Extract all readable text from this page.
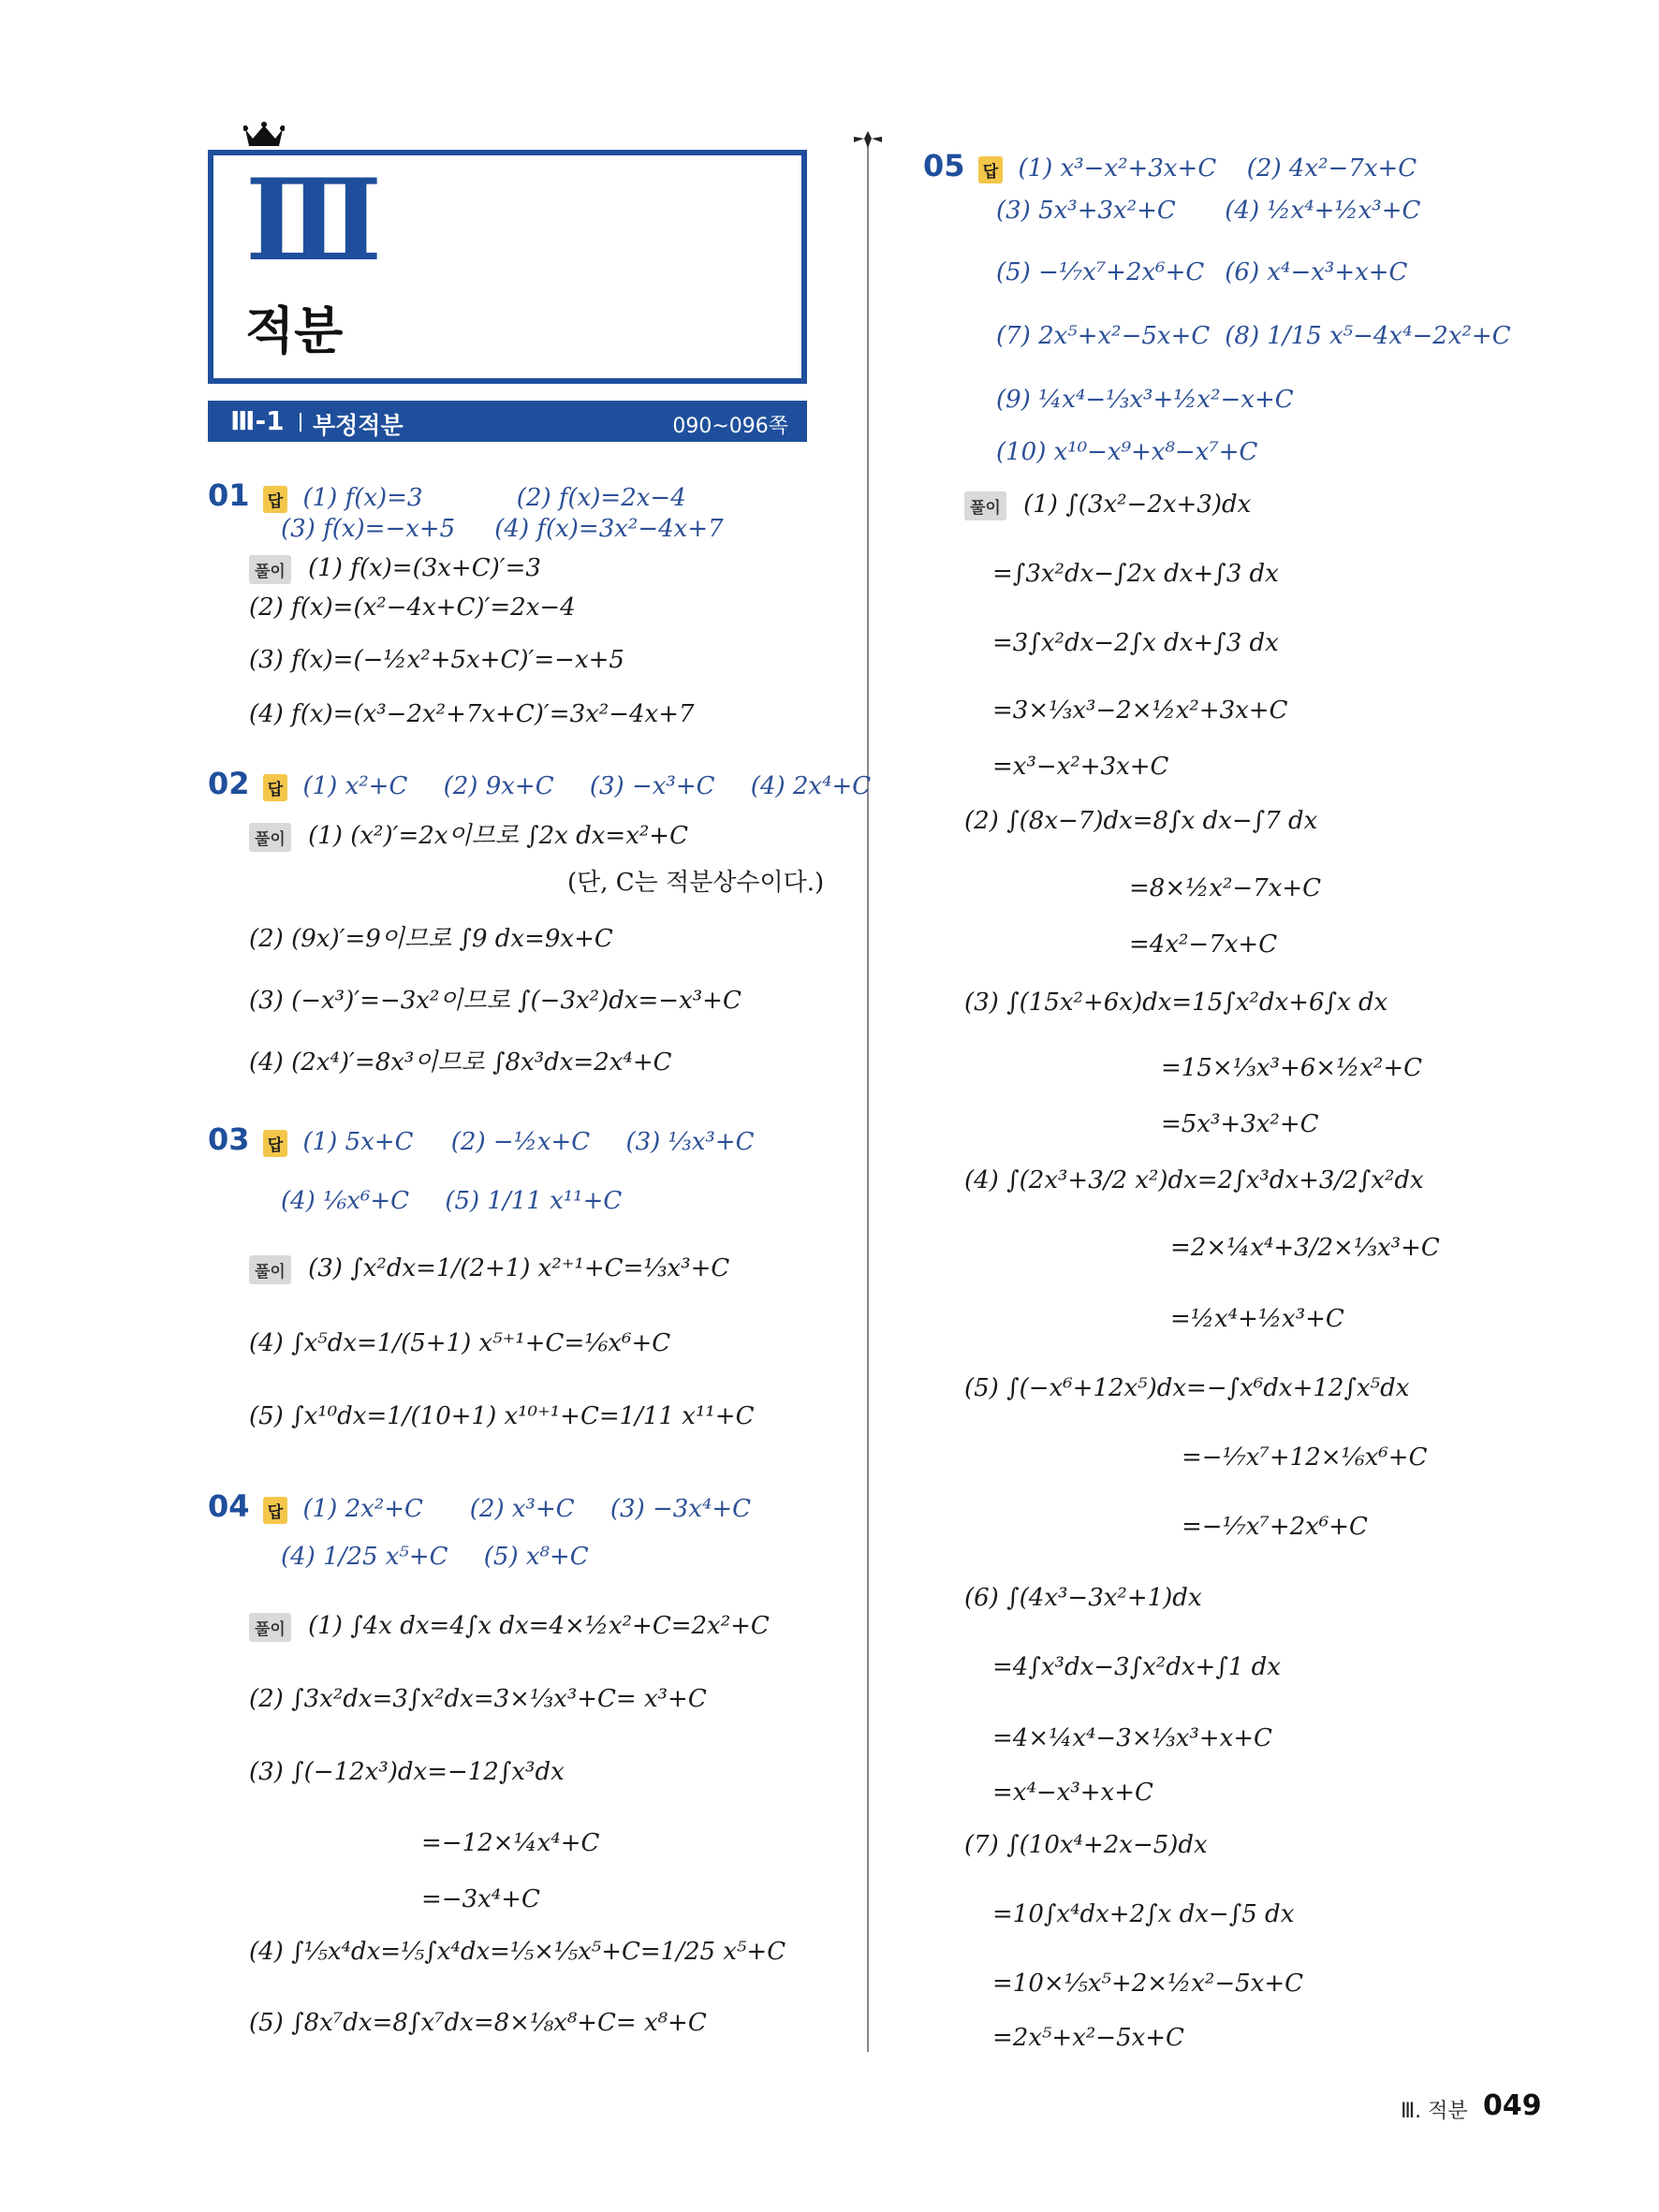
Ⅲ
적분
Ⅲ-1 부정적분	090~096쪽
01 답 (1) f(x)=3	(2) f(x)=2x−4
(3) f(x)=−x+5 (4) f(x)=3x²−4x+7
풀이 (1) f(x)=(3x+C)′=3
(2) f(x)=(x²−4x+C)′=2x−4
(3) f(x)=(−½x²+5x+C)′=−x+5
(4) f(x)=(x³−2x²+7x+C)′=3x²−4x+7
02 답 (1) x²+C (2) 9x+C (3) −x³+C (4) 2x⁴+C
풀이 (1) (x²)′=2x이므로 ∫2x dx=x²+C
(단, C는 적분상수이다.)
(2) (9x)′=9이므로 ∫9 dx=9x+C
(3) (−x³)′=−3x²이므로 ∫(−3x²)dx=−x³+C
(4) (2x⁴)′=8x³이므로 ∫8x³dx=2x⁴+C
03 답 (1) 5x+C (2) −½x+C (3) ⅓x³+C
(4) ⅙x⁶+C (5) 1/11 x¹¹+C
풀이 (3) ∫x²dx=1/(2+1) x²⁺¹+C=⅓x³+C
(4) ∫x⁵dx=1/(5+1) x⁵⁺¹+C=⅙x⁶+C
(5) ∫x¹⁰dx=1/(10+1) x¹⁰⁺¹+C=1/11 x¹¹+C
04 답 (1) 2x²+C (2) x³+C (3) −3x⁴+C
(4) 1/25 x⁵+C (5) x⁸+C
풀이 (1) ∫4x dx=4∫x dx=4×½x²+C=2x²+C
(2) ∫3x²dx=3∫x²dx=3×⅓x³+C= x³+C
(3) ∫(−12x³)dx=−12∫x³dx
=−12×¼x⁴+C
=−3x⁴+C
(4) ∫⅕x⁴dx=⅕∫x⁴dx=⅕×⅕x⁵+C=1/25 x⁵+C
(5) ∫8x⁷dx=8∫x⁷dx=8×⅛x⁸+C= x⁸+C
05 답 (1) x³−x²+3x+C (2) 4x²−7x+C
(3) 5x³+3x²+C (4) ½x⁴+½x³+C
(5) −⅐x⁷+2x⁶+C (6) x⁴−x³+x+C
(7) 2x⁵+x²−5x+C (8) 1/15 x⁵−4x⁴−2x²+C
(9) ¼x⁴−⅓x³+½x²−x+C
(10) x¹⁰−x⁹+x⁸−x⁷+C
풀이 (1) ∫(3x²−2x+3)dx
=∫3x²dx−∫2x dx+∫3 dx
=3∫x²dx−2∫x dx+∫3 dx
=3×⅓x³−2×½x²+3x+C
=x³−x²+3x+C
(2) ∫(8x−7)dx=8∫x dx−∫7 dx
=8×½x²−7x+C
=4x²−7x+C
(3) ∫(15x²+6x)dx=15∫x²dx+6∫x dx
=15×⅓x³+6×½x²+C
=5x³+3x²+C
(4) ∫(2x³+3/2 x²)dx=2∫x³dx+3/2∫x²dx
=2×¼x⁴+3/2×⅓x³+C
=½x⁴+½x³+C
(5) ∫(−x⁶+12x⁵)dx=−∫x⁶dx+12∫x⁵dx
=−⅐x⁷+12×⅙x⁶+C
=−⅐x⁷+2x⁶+C
(6) ∫(4x³−3x²+1)dx
=4∫x³dx−3∫x²dx+∫1 dx
=4×¼x⁴−3×⅓x³+x+C
=x⁴−x³+x+C
(7) ∫(10x⁴+2x−5)dx
=10∫x⁴dx+2∫x dx−∫5 dx
=10×⅕x⁵+2×½x²−5x+C
=2x⁵+x²−5x+C
Ⅲ. 적분 049
